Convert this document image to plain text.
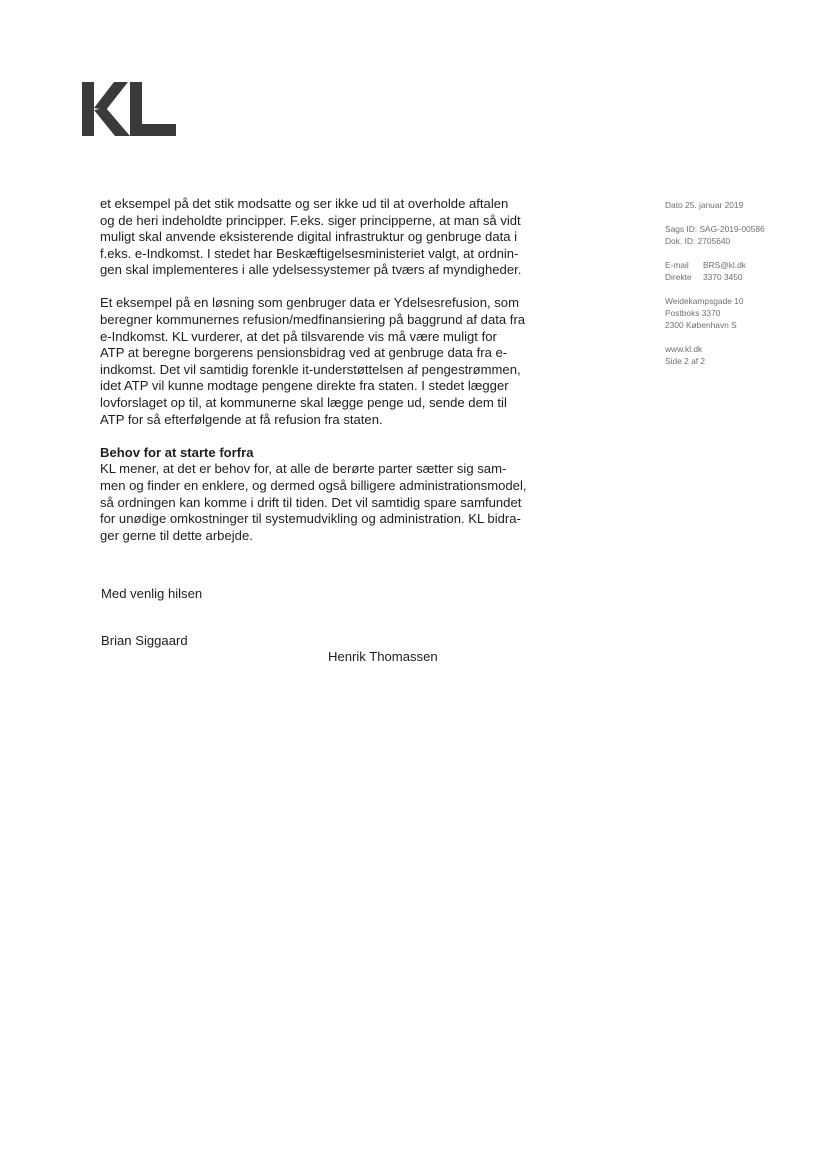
et eksempel på det stik modsatte og ser ikke ud til at overholde aftalen
og de heri indeholdte principper. F.eks. siger principperne, at man så vidt
muligt skal anvende eksisterende digital infrastruktur og genbruge data i
f.eks. e-Indkomst. I stedet har Beskæftigelsesministeriet valgt, at ordnin-
gen skal implementeres i alle ydelsessystemer på tværs af myndigheder.

Et eksempel på en løsning som genbruger data er Ydelsesrefusion, som
beregner kommunernes refusion/medfinansiering på baggrund af data fra
e-Indkomst. KL vurderer, at det på tilsvarende vis må være muligt for
ATP at beregne borgerens pensionsbidrag ved at genbruge data fra e-
indkomst. Det vil samtidig forenkle it-understøttelsen af pengestrømmen,
idet ATP vil kunne modtage pengene direkte fra staten. I stedet lægger
lovforslaget op til, at kommunerne skal lægge penge ud, sende dem til
ATP for så efterfølgende at få refusion fra staten.

Behov for at starte forfra
KL mener, at det er behov for, at alle de berørte parter sætter sig sam-
men og finder en enklere, og dermed også billigere administrationsmodel,
så ordningen kan komme i drift til tiden. Det vil samtidig spare samfundet
for unødige omkostninger til systemudvikling og administration. KL bidra-
ger gerne til dette arbejde.

Med venlig hilsen
Brian Siggaard
Henrik Thomassen
Dato 25. januar 2019
Sags ID: SAG-2019-00586
Dok. ID: 2705640
E-mail BRS@kl.dk
Direkte 3370 3450
Weidekampsgade 10
Postboks 3370
2300 København S
www.kl.dk
Side 2 af 2
